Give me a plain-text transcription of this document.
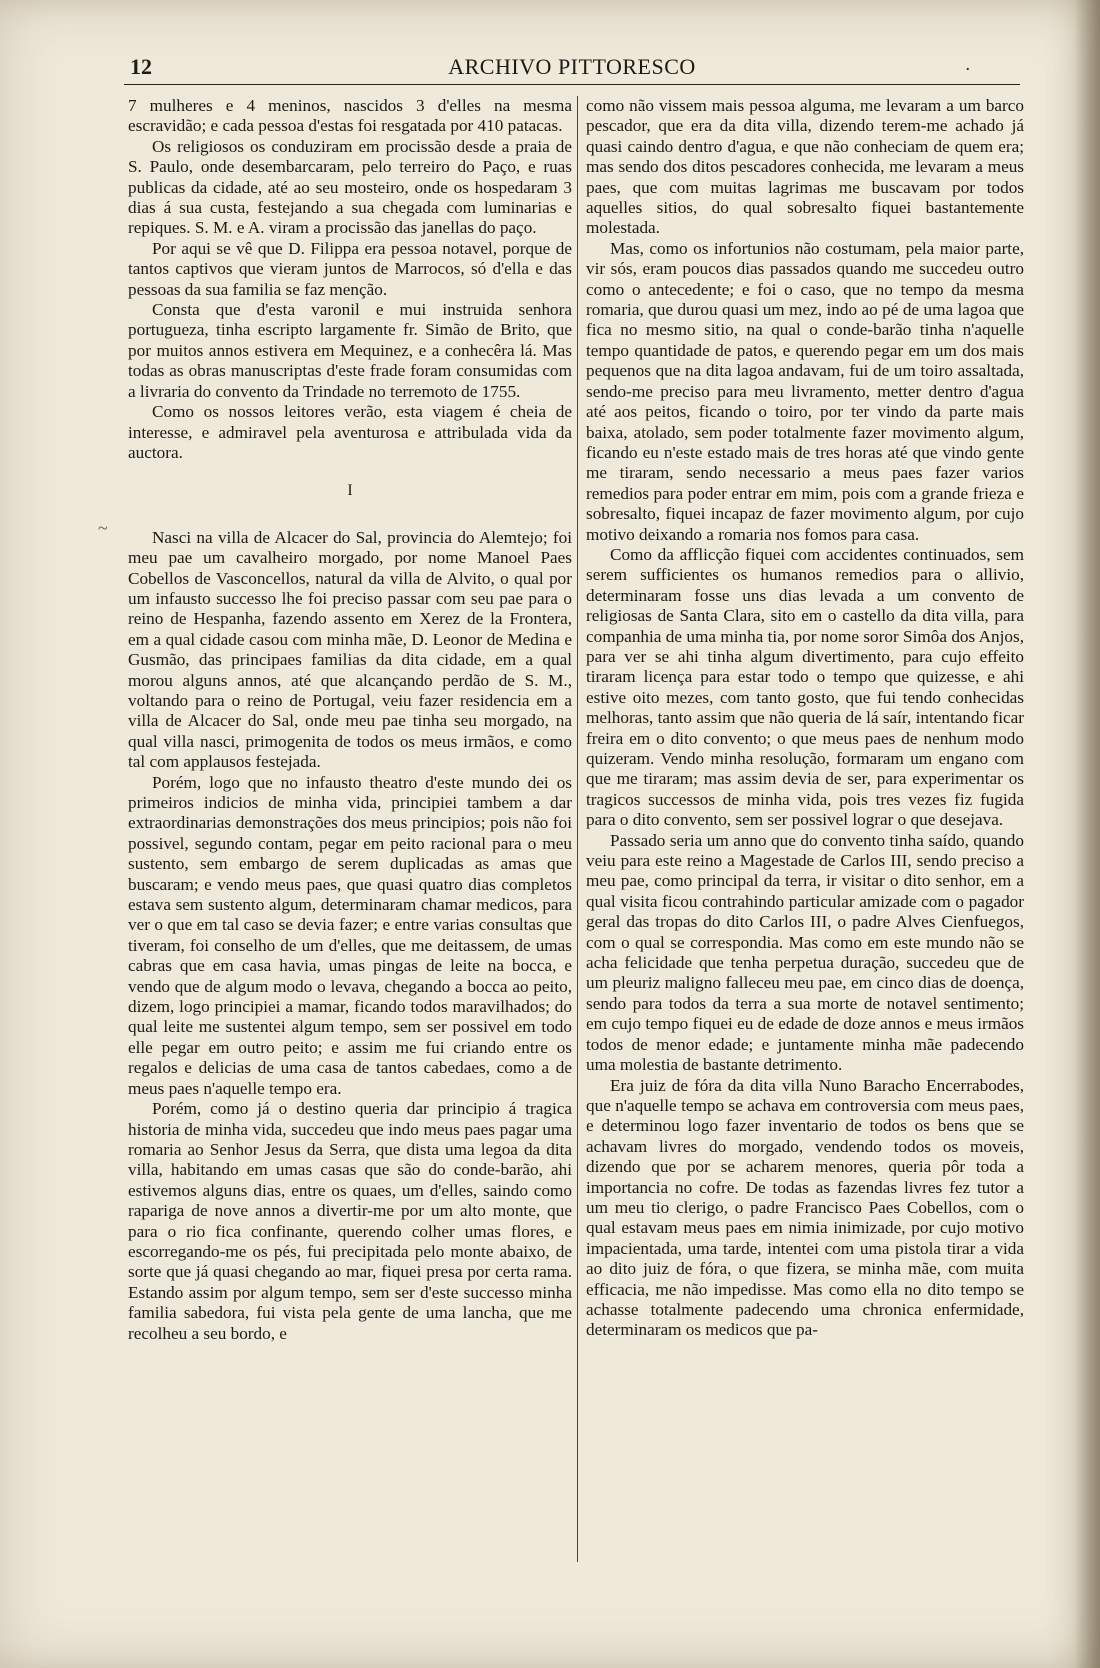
12	ARCHIVO PITTORESCO	.
~

7 mulheres e 4 meninos, nascidos 3 d'elles na mesma escravidão; e cada pessoa d'estas foi resgatada por 410 patacas.

Os religiosos os conduziram em procissão desde a praia de S. Paulo, onde desembarcaram, pelo terreiro do Paço, e ruas publicas da cidade, até ao seu mosteiro, onde os hospedaram 3 dias á sua custa, festejando a sua chegada com luminarias e repiques. S. M. e A. viram a procissão das janellas do paço.

Por aqui se vê que D. Filippa era pessoa notavel, porque de tantos captivos que vieram juntos de Marrocos, só d'ella e das pessoas da sua familia se faz menção.

Consta que d'esta varonil e mui instruida senhora portugueza, tinha escripto largamente fr. Simão de Brito, que por muitos annos estivera em Mequinez, e a conhecêra lá. Mas todas as obras manuscriptas d'este frade foram consumidas com a livraria do convento da Trindade no terremoto de 1755.

Como os nossos leitores verão, esta viagem é cheia de interesse, e admiravel pela aventurosa e attribulada vida da auctora.

I

Nasci na villa de Alcacer do Sal, provincia do Alemtejo; foi meu pae um cavalheiro morgado, por nome Manoel Paes Cobellos de Vasconcellos, natural da villa de Alvito, o qual por um infausto successo lhe foi preciso passar com seu pae para o reino de Hespanha, fazendo assento em Xerez de la Frontera, em a qual cidade casou com minha mãe, D. Leonor de Medina e Gusmão, das principaes familias da dita cidade, em a qual morou alguns annos, até que alcançando perdão de S. M., voltando para o reino de Portugal, veiu fazer residencia em a villa de Alcacer do Sal, onde meu pae tinha seu morgado, na qual villa nasci, primogenita de todos os meus irmãos, e como tal com applausos festejada.

Porém, logo que no infausto theatro d'este mundo dei os primeiros indicios de minha vida, principiei tambem a dar extraordinarias demonstrações dos meus principios; pois não foi possivel, segundo contam, pegar em peito racional para o meu sustento, sem embargo de serem duplicadas as amas que buscaram; e vendo meus paes, que quasi quatro dias completos estava sem sustento algum, determinaram chamar medicos, para ver o que em tal caso se devia fazer; e entre varias consultas que tiveram, foi conselho de um d'elles, que me deitassem, de umas cabras que em casa havia, umas pingas de leite na bocca, e vendo que de algum modo o levava, chegando a bocca ao peito, dizem, logo principiei a mamar, ficando todos maravilhados; do qual leite me sustentei algum tempo, sem ser possivel em todo elle pegar em outro peito; e assim me fui criando entre os regalos e delicias de uma casa de tantos cabedaes, como a de meus paes n'aquelle tempo era.

Porém, como já o destino queria dar principio á tragica historia de minha vida, succedeu que indo meus paes pagar uma romaria ao Senhor Jesus da Serra, que dista uma legoa da dita villa, habitando em umas casas que são do conde-barão, ahi estivemos alguns dias, entre os quaes, um d'elles, saindo como rapariga de nove annos a divertir-me por um alto monte, que para o rio fica confinante, querendo colher umas flores, e escorregando-me os pés, fui precipitada pelo monte abaixo, de sorte que já quasi chegando ao mar, fiquei presa por certa rama. Estando assim por algum tempo, sem ser d'este successo minha familia sabedora, fui vista pela gente de uma lancha, que me recolheu a seu bordo, e

como não vissem mais pessoa alguma, me levaram a um barco pescador, que era da dita villa, dizendo terem-me achado já quasi caindo dentro d'agua, e que não conheciam de quem era; mas sendo dos ditos pescadores conhecida, me levaram a meus paes, que com muitas lagrimas me buscavam por todos aquelles sitios, do qual sobresalto fiquei bastantemente molestada.

Mas, como os infortunios não costumam, pela maior parte, vir sós, eram poucos dias passados quando me succedeu outro como o antecedente; e foi o caso, que no tempo da mesma romaria, que durou quasi um mez, indo ao pé de uma lagoa que fica no mesmo sitio, na qual o conde-barão tinha n'aquelle tempo quantidade de patos, e querendo pegar em um dos mais pequenos que na dita lagoa andavam, fui de um toiro assaltada, sendo-me preciso para meu livramento, metter dentro d'agua até aos peitos, ficando o toiro, por ter vindo da parte mais baixa, atolado, sem poder totalmente fazer movimento algum, ficando eu n'este estado mais de tres horas até que vindo gente me tiraram, sendo necessario a meus paes fazer varios remedios para poder entrar em mim, pois com a grande frieza e sobresalto, fiquei incapaz de fazer movimento algum, por cujo motivo deixando a romaria nos fomos para casa.

Como da afflicção fiquei com accidentes continuados, sem serem sufficientes os humanos remedios para o allivio, determinaram fosse uns dias levada a um convento de religiosas de Santa Clara, sito em o castello da dita villa, para companhia de uma minha tia, por nome soror Simôa dos Anjos, para ver se ahi tinha algum divertimento, para cujo effeito tiraram licença para estar todo o tempo que quizesse, e ahi estive oito mezes, com tanto gosto, que fui tendo conhecidas melhoras, tanto assim que não queria de lá saír, intentando ficar freira em o dito convento; o que meus paes de nenhum modo quizeram. Vendo minha resolução, formaram um engano com que me tiraram; mas assim devia de ser, para experimentar os tragicos successos de minha vida, pois tres vezes fiz fugida para o dito convento, sem ser possivel lograr o que desejava.

Passado seria um anno que do convento tinha saído, quando veiu para este reino a Magestade de Carlos III, sendo preciso a meu pae, como principal da terra, ir visitar o dito senhor, em a qual visita ficou contrahindo particular amizade com o pagador geral das tropas do dito Carlos III, o padre Alves Cienfuegos, com o qual se correspondia. Mas como em este mundo não se acha felicidade que tenha perpetua duração, succedeu que de um pleuriz maligno falleceu meu pae, em cinco dias de doença, sendo para todos da terra a sua morte de notavel sentimento; em cujo tempo fiquei eu de edade de doze annos e meus irmãos todos de menor edade; e juntamente minha mãe padecendo uma molestia de bastante detrimento.

Era juiz de fóra da dita villa Nuno Baracho Encerrabodes, que n'aquelle tempo se achava em controversia com meus paes, e determinou logo fazer inventario de todos os bens que se achavam livres do morgado, vendendo todos os moveis, dizendo que por se acharem menores, queria pôr toda a importancia no cofre. De todas as fazendas livres fez tutor a um meu tio clerigo, o padre Francisco Paes Cobellos, com o qual estavam meus paes em nimia inimizade, por cujo motivo impacientada, uma tarde, intentei com uma pistola tirar a vida ao dito juiz de fóra, o que fizera, se minha mãe, com muita efficacia, me não impedisse. Mas como ella no dito tempo se achasse totalmente padecendo uma chronica enfermidade, determinaram os medicos que pa-
